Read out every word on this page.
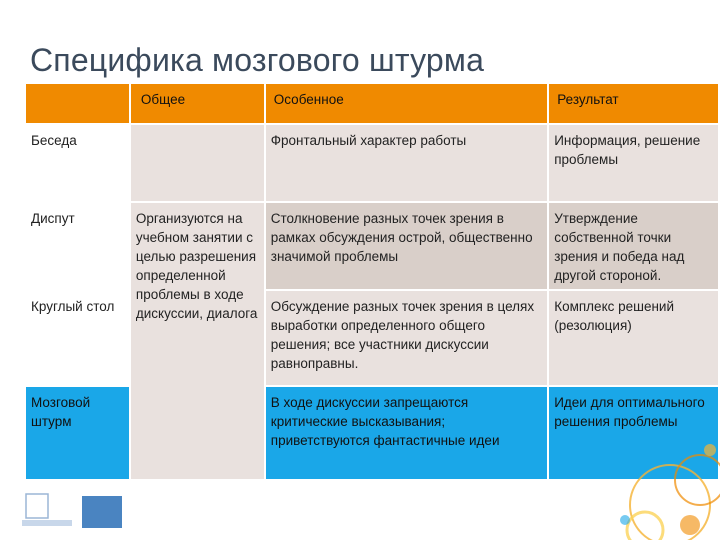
Специфика мозгового штурма
	Общее	Особенное	Результат
Беседа		Фронтальный характер работы	Информация, решение проблемы
Диспут	Организуются на учебном занятии с целью разрешения определенной проблемы в ходе дискуссии, диалога	Столкновение разных точек зрения в рамках обсуждения острой, общественно значимой проблемы	Утверждение собственной точки зрения и победа над другой стороной.
Круглый стол		Обсуждение разных точек зрения в целях выработки определенного общего решения; все участники дискуссии равноправны.	Комплекс решений (резолюция)
Мозговой штурм		В ходе дискуссии запрещаются критические высказывания; приветствуются фантастичные идеи	Идеи для оптимального решения проблемы
